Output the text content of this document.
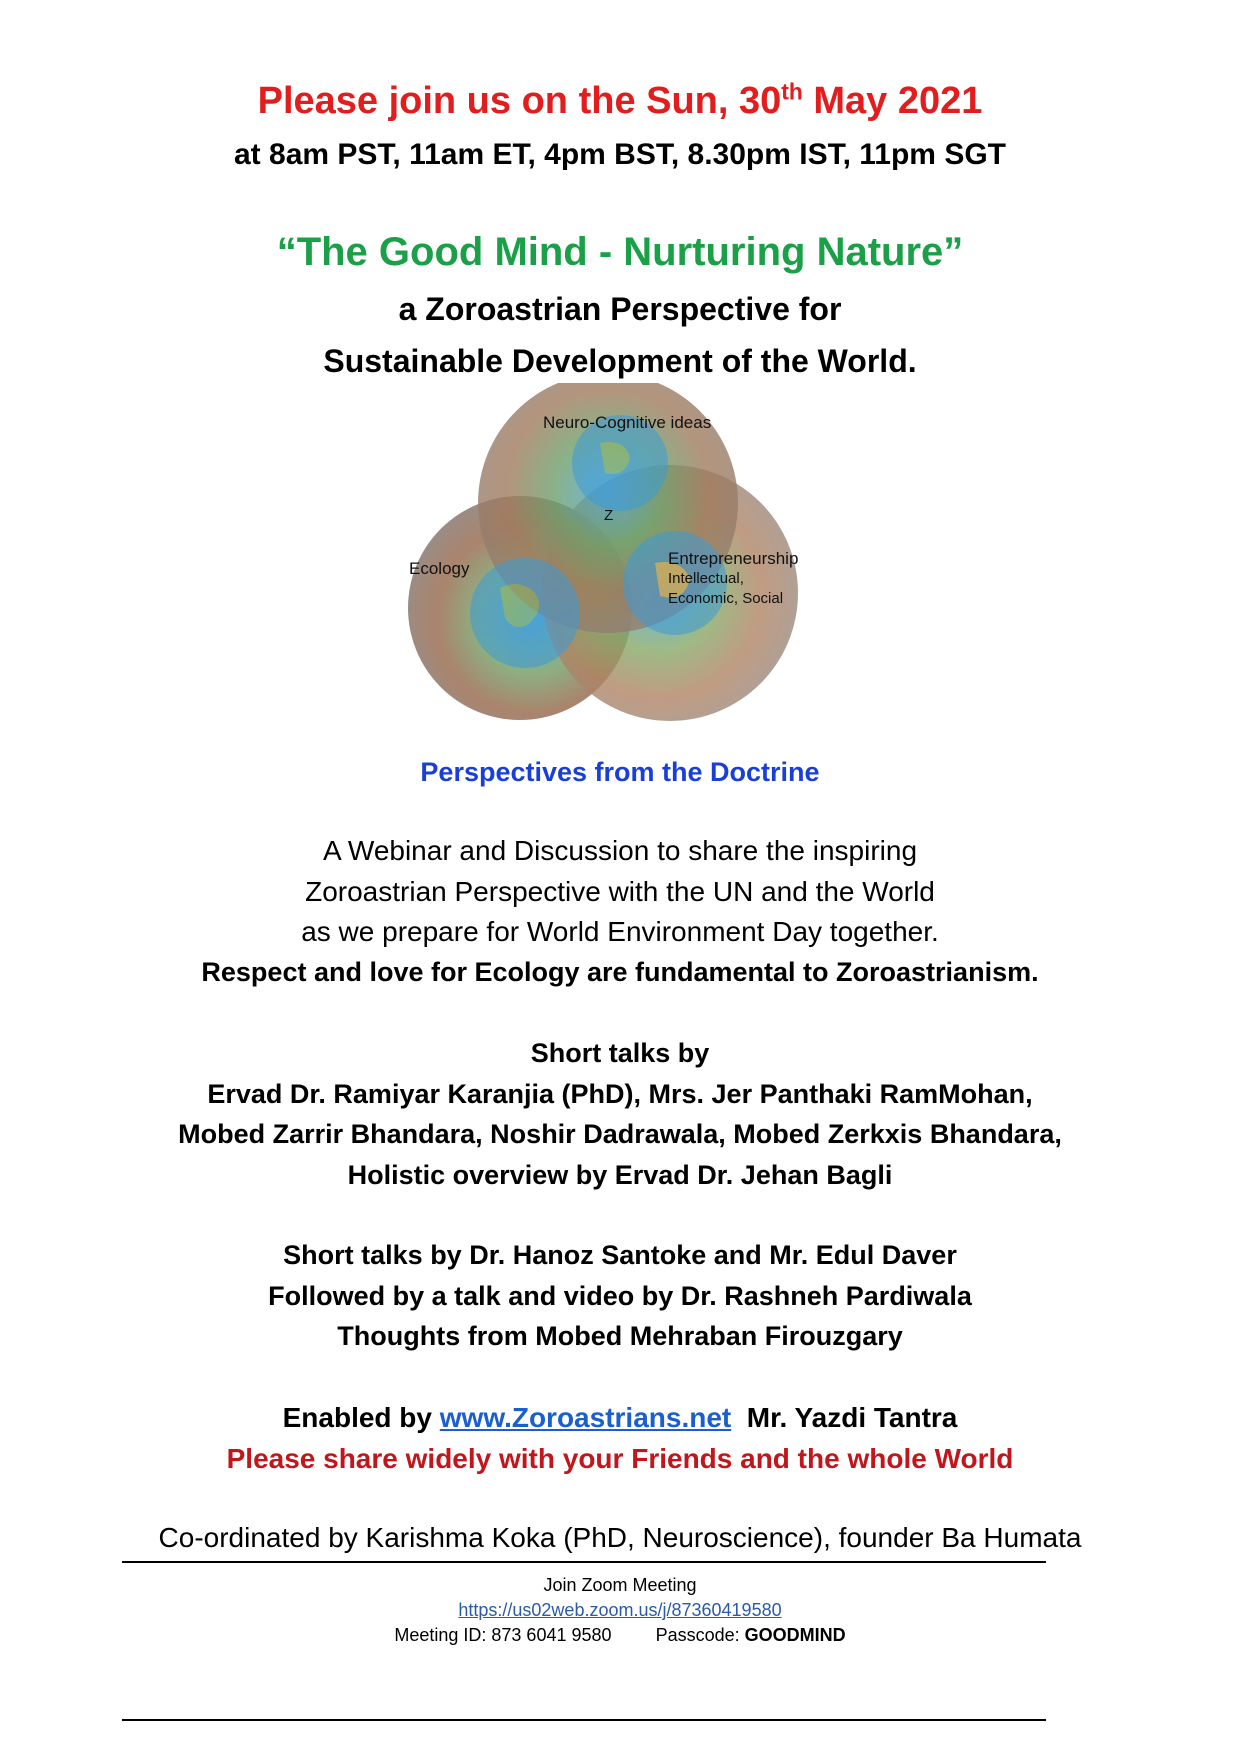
Please join us on the Sun, 30th May 2021
at 8am PST, 11am ET, 4pm BST, 8.30pm IST, 11pm SGT
“The Good Mind - Nurturing Nature”
a Zoroastrian Perspective for
Sustainable Development of the World.
Neuro-Cognitive ideas
Ecology
Entrepreneurship
Intellectual,
Economic, Social
Z
Perspectives from the Doctrine
A Webinar and Discussion to share the inspiring
Zoroastrian Perspective with the UN and the World
as we prepare for World Environment Day together.
Respect and love for Ecology are fundamental to Zoroastrianism.
Short talks by
Ervad Dr. Ramiyar Karanjia (PhD), Mrs. Jer Panthaki RamMohan,
Mobed Zarrir Bhandara, Noshir Dadrawala, Mobed Zerkxis Bhandara,
Holistic overview by Ervad Dr. Jehan Bagli
Short talks by Dr. Hanoz Santoke and Mr. Edul Daver
Followed by a talk and video by Dr. Rashneh Pardiwala
Thoughts from Mobed Mehraban Firouzgary
Enabled by www.Zoroastrians.net  Mr. Yazdi Tantra
Please share widely with your Friends and the whole World
Co-ordinated by Karishma Koka (PhD, Neuroscience), founder Ba Humata
Join Zoom Meeting
https://us02web.zoom.us/j/87360419580
Meeting ID: 873 6041 9580 Passcode: GOODMIND
